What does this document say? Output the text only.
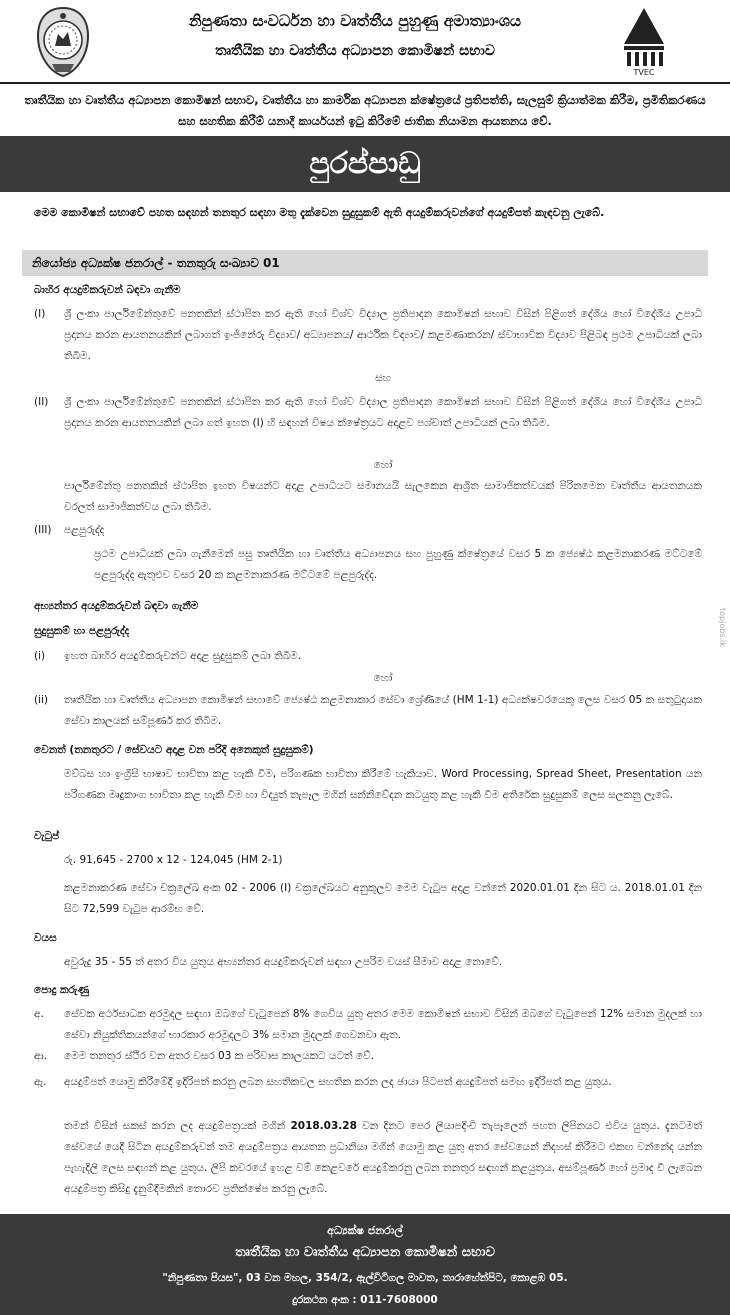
නිපුණතා සංවර්ධන හා වෘත්තීය පුහුණු අමාත්‍යාංශය
තෘතීයික හා වෘත්තීය අධ්‍යාපන කොමිෂන් සභාව
TVEC
තෘතීයික හා වෘත්තීය අධ්‍යාපන කොමිෂන් සභාව, වෘත්තීය හා කාර්මික අධ්‍යාපන ක්ෂේත්‍රයේ ප්‍රතිපත්ති, සැලසුම් ක්‍රියාත්මක කිරීම, ප්‍රමිතිකරණය සහ සහතික කිරීම් යනාදී කාර්යයන් ඉටු කිරීමේ ජාතික නියාමන ආයතනය වේ.
පුරප්පාඩු
මෙම කොමිෂන් සභාවේ පහත සඳහන් තනතුර සඳහා මතු දැක්වෙන සුදුසුකම් ඇති අයදුම්කරුවන්ගේ අයදුම්පත් කැඳවනු ලැබේ.
නියෝජ්‍ය අධ්‍යක්ෂ ජනරාල් - තනතුරු සංඛ්‍යාව 01
බාහිර අයදුම්කරුවන් බඳවා ගැනීම
(I) ශ්‍රී ලංකා පාර්ලිමේන්තුවේ පනතකින් ස්ථාපිත කර ඇති හෝ විශ්ව විද්‍යාල ප්‍රතිපාදන කොමිෂන් සභාව විසින් පිළිගත් දේශීය හෝ විදේශීය උපාධි ප්‍රදානය කරන ආයතනයකින් ලබාගත් ඉංජිනේරු විද්‍යාව/ අධ්‍යාපනය/ ආර්ථික විද්‍යාව/ කළමණාකරන/ ස්වාභාවික විද්‍යාව පිළිබඳ ප්‍රථම උපාධියක් ලබා තිබීම.
සහ
(II) ශ්‍රී ලංකා පාර්ලිමේන්තුවේ පනතකින් ස්ථාපිත කර ඇති හෝ විශ්ව විද්‍යාල ප්‍රතිපාදන කොමිෂන් සභාව විසින් පිළිගත් දේශීය හෝ විදේශීය උපාධි ප්‍රදානය කරන ආයතනයකින් ලබා ගත් ඉහත (I) හි සඳහන් විෂය ක්ෂේත්‍රයට අදාළව පශ්චාත් උපාධියක් ලබා තිබීම.
හෝ
පාර්ලිමේන්තු පනතකින් ස්ථාපිත ඉහත විෂයන්ට අදාළ උපාධියට සමානයයි සැලකෙන ආශ්‍රිත සාමාජිකත්වයක් පිරිනමෙන වෘත්තීය ආයතනයක වරලත් සාමාජිකත්වය ලබා තිබීම.
(III) පළපුරුද්ද
ප්‍රථම උපාධියක් ලබා ගැනීමෙන් පසු තෘතීයික හා වෘත්තීය අධ්‍යාපනය සහ පුහුණු ක්ෂේත්‍රයේ වසර 5 ක ජ්‍යෙෂ්ඨ කළමනාකරණ මට්ටමේ පළපුරුද්ද ඇතුළුව වසර 20 ක කළමනාකරණ මට්ටමේ පළපුරුද්ද.
අභ්‍යන්තර අයදුම්කරුවන් බඳවා ගැනීම
සුදුසුකම් හා පළපුරුද්ද
(i) ඉහත බාහිර අයදුම්කරුවන්ට අදාළ සුදුසුකම් ලබා තිබීම.
හෝ
(ii) තෘතීයික හා වෘත්තීය අධ්‍යාපන කොමිෂන් සභාවේ ජ්‍යෙෂ්ඨ කළමනාකාර සේවා ශ්‍රේණියේ (HM 1-1) අධ්‍යක්ෂවරයෙකු ලෙස වසර 05 ක සතුටුදායක සේවා කාලයක් සම්පූර්ණ කර තිබීම.
වෙනත් (තනතුරට / සේවයට අදාළ වන පරිදි අනෙකුත් සුදුසුකම්)
මව්බස හා ඉංග්‍රීසි භාෂාව භාවිතා කළ හැකි වීම, පරිගණක භාවිතා කිරීමේ හැකියාව. Word Processing, Spread Sheet, Presentation යන පරිගණක මෘදුකාංග භාවිතා කළ හැකි වීම හා විද්‍යුත් තැපෑල මගින් සන්නිවේදන කටයුතු කළ හැකි වීම අතිරේක සුදුසුකම් ලෙස සලකනු ලැබේ.
වැටුප්
රු. 91,645 - 2700 x 12 - 124,045 (HM 2-1)
කළමනාකරණ සේවා චක්‍රලේඛ අංක 02 - 2006 (I) චක්‍රලේඛයට අනුකූලව මෙම වැටුප අදාළ වන්නේ 2020.01.01 දින සිට ය. 2018.01.01 දින සිට 72,599 වැටුප ආරම්භ වේ.
වයස
අවුරුදු 35 - 55 ත් අතර විය යුතුය අභ්‍යන්තර අයදුම්කරුවන් සඳහා උපරිම වයස් සීමාව අදාළ නොවේ.
පොදු කරුණු
අ. සේවක අර්ථසාධක අරමුදල සඳහා ඔබගේ වැටුපෙන් 8% ගෙවිය යුතු අතර මෙම කොමිෂන් සභාව විසින් ඔබගේ වැටුපෙන් 12% සමාන මුදලක් හා සේවා නියුක්තිකයන්ගේ භාරකාර අරමුදලට 3% සමාන මුදලක් ගෙවනවා ඇත.
ආ. මෙම තනතුර ස්ථිර වන අතර වසර 03 ක පරිවාස කාලයකට යටත් වේ.
ඇ. අයදුම්පත් යොමු කිරීමේදී ඉදිරිපත් කරනු ලබන සහතිකවල සහතික කරන ලද ඡායා පිටපත් අයදුම්පත් සමඟ ඉදිරිපත් කළ යුතුය.
තමන් විසින් සකස් කරන ලද අයදුම්පත්‍රයක් මගින් 2018.03.28 වන දිනට පෙර ලියාපදිංචි තැපෑලෙන් පහත ලිපිනයට එවිය යුතුය. දැනටමත් සේවයේ යෙදී සිටින අයදුම්කරුවන් තම අයදුම්පත්‍රය ආයතන ප්‍රධානියා මගින් යොමු කළ යුතු අතර සේවයෙන් නිදහස් කිරීමට එකඟ වන්නේද යන්න පැහැදිලි ලෙස සඳහන් කළ යුතුය. ලිපි කවරයේ ඉහළ වම් කෙළවරේ අයදුම්කරනු ලබන තනතුර සඳහන් කළයුතුය. අසම්පූර්ණ හෝ ප්‍රමාද වී ලැබෙන අයදුම්පත්‍ර කිසිදු දැනුම්දීමකින් තොරව ප්‍රතික්ෂේප කරනු ලැබේ.
අධ්‍යක්ෂ ජනරාල්
තෘතීයික හා වෘත්තීය අධ්‍යාපන කොමිෂන් සභාව
"නිපුණතා පියස", 03 වන මහල, 354/2, ඇල්විටිගල මාවත, නාරාහේන්පිට, කොළඹ 05.
දුරකථන අංක : 011-7608000
topjobs.lk
